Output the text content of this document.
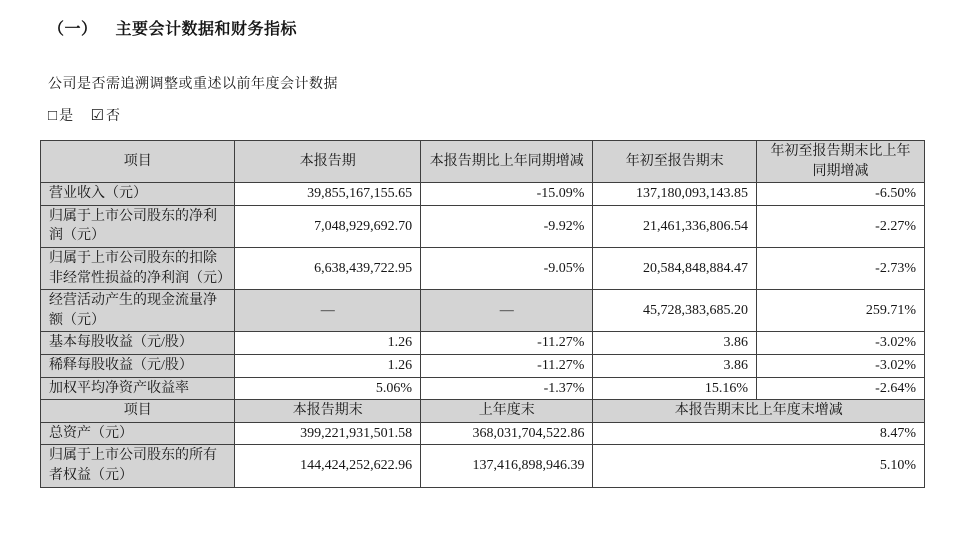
（一） 主要会计数据和财务指标
公司是否需追溯调整或重述以前年度会计数据
□ 是 ☑ 否
项目	本报告期	本报告期比上年同期增减	年初至报告期末	年初至报告期末比上年同期增减
营业收入（元）	39,855,167,155.65	-15.09%	137,180,093,143.85	-6.50%
归属于上市公司股东的净利润（元）	7,048,929,692.70	-9.92%	21,461,336,806.54	-2.27%
归属于上市公司股东的扣除非经常性损益的净利润（元）	6,638,439,722.95	-9.05%	20,584,848,884.47	-2.73%
经营活动产生的现金流量净额（元）	—	—	45,728,383,685.20	259.71%
基本每股收益（元/股）	1.26	-11.27%	3.86	-3.02%
稀释每股收益（元/股）	1.26	-11.27%	3.86	-3.02%
加权平均净资产收益率	5.06%	-1.37%	15.16%	-2.64%
项目	本报告期末	上年度末	本报告期末比上年度末增减	
总资产（元）	399,221,931,501.58	368,031,704,522.86	8.47%	
归属于上市公司股东的所有者权益（元）	144,424,252,622.96	137,416,898,946.39	5.10%	
